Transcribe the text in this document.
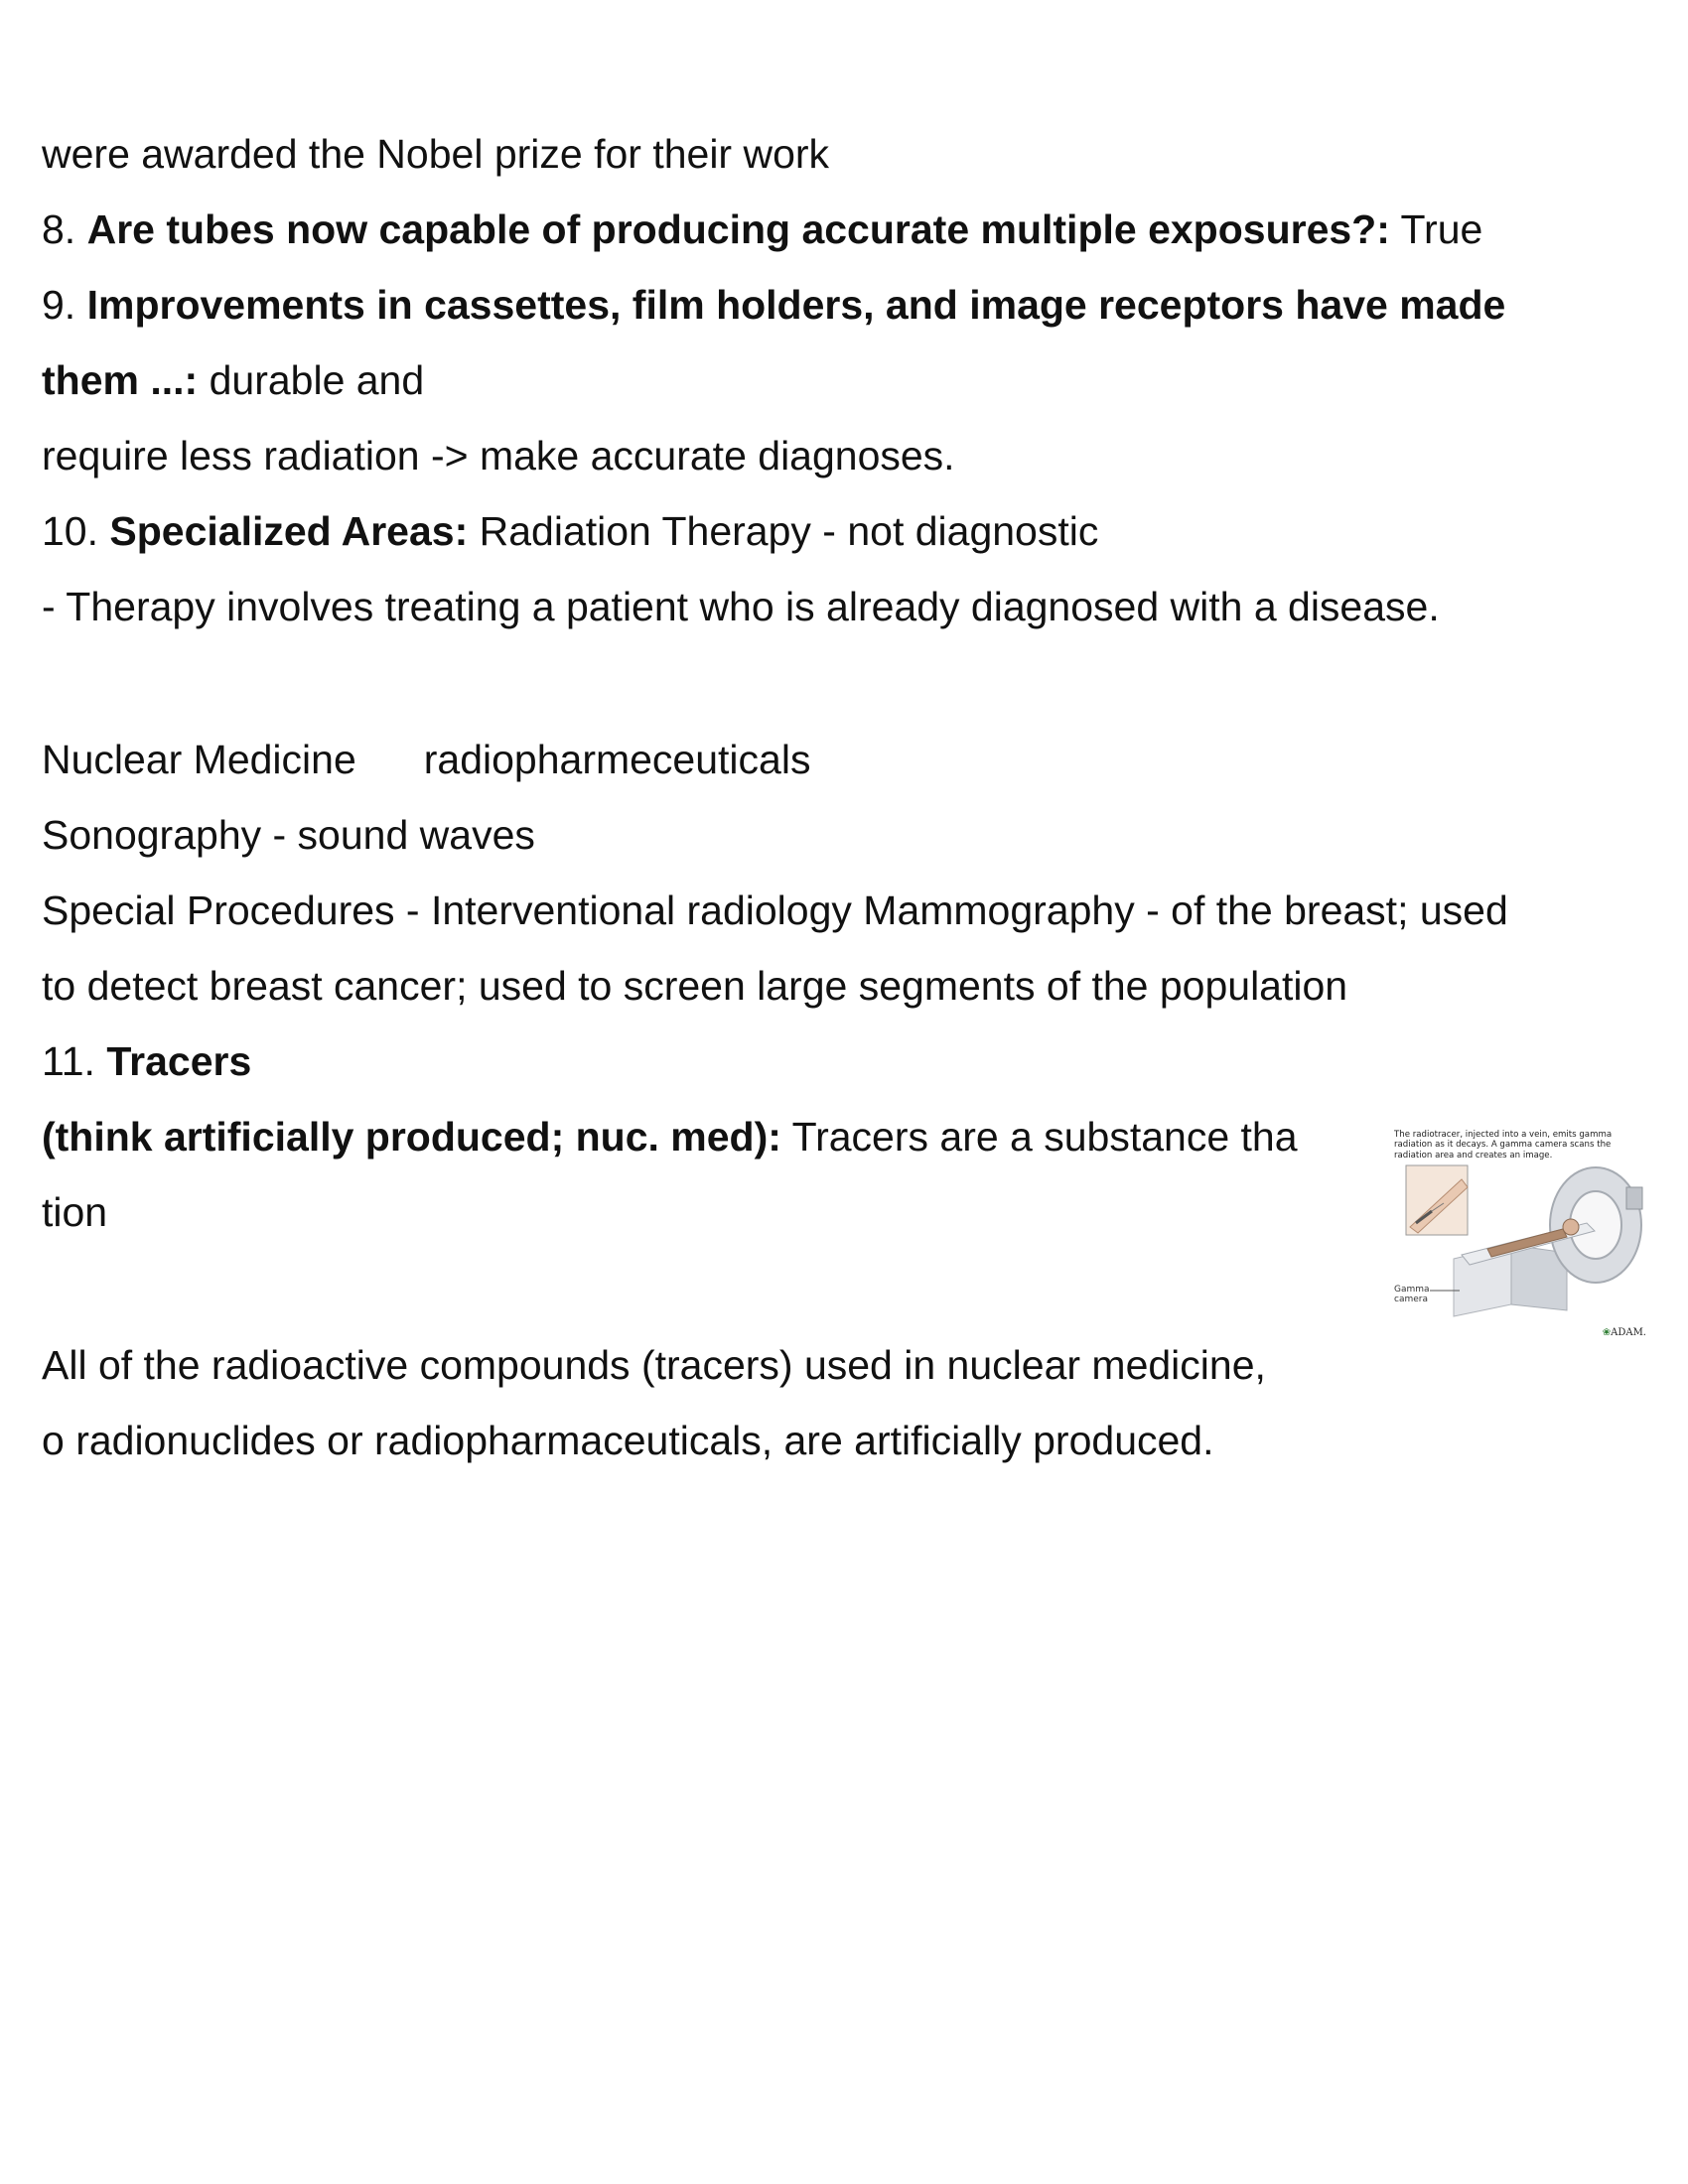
were awarded the Nobel prize for their work
8. Are tubes now capable of producing accurate multiple exposures?: True
9. Improvements in cassettes, film holders, and image receptors have made
them ...: durable and
require less radiation -> make accurate diagnoses.
10. Specialized Areas: Radiation Therapy - not diagnostic
- Therapy involves treating a patient who is already diagnosed with a disease.
Nuclear Medicine radiopharmeceuticals
Sonography - sound waves
Special Procedures - Interventional radiology Mammography - of the breast; used
to detect breast cancer; used to screen large segments of the population
11. Tracers
(think artificially produced; nuc. med): Tracers are a substance tha
tion
All of the radioactive compounds (tracers) used in nuclear medicine,
o radionuclides or radiopharmaceuticals, are artificially produced.
The radiotracer, injected into a vein, emits gamma radiation as it decays. A gamma camera scans the radiation area and creates an image.
Gamma camera
❀ADAM.
